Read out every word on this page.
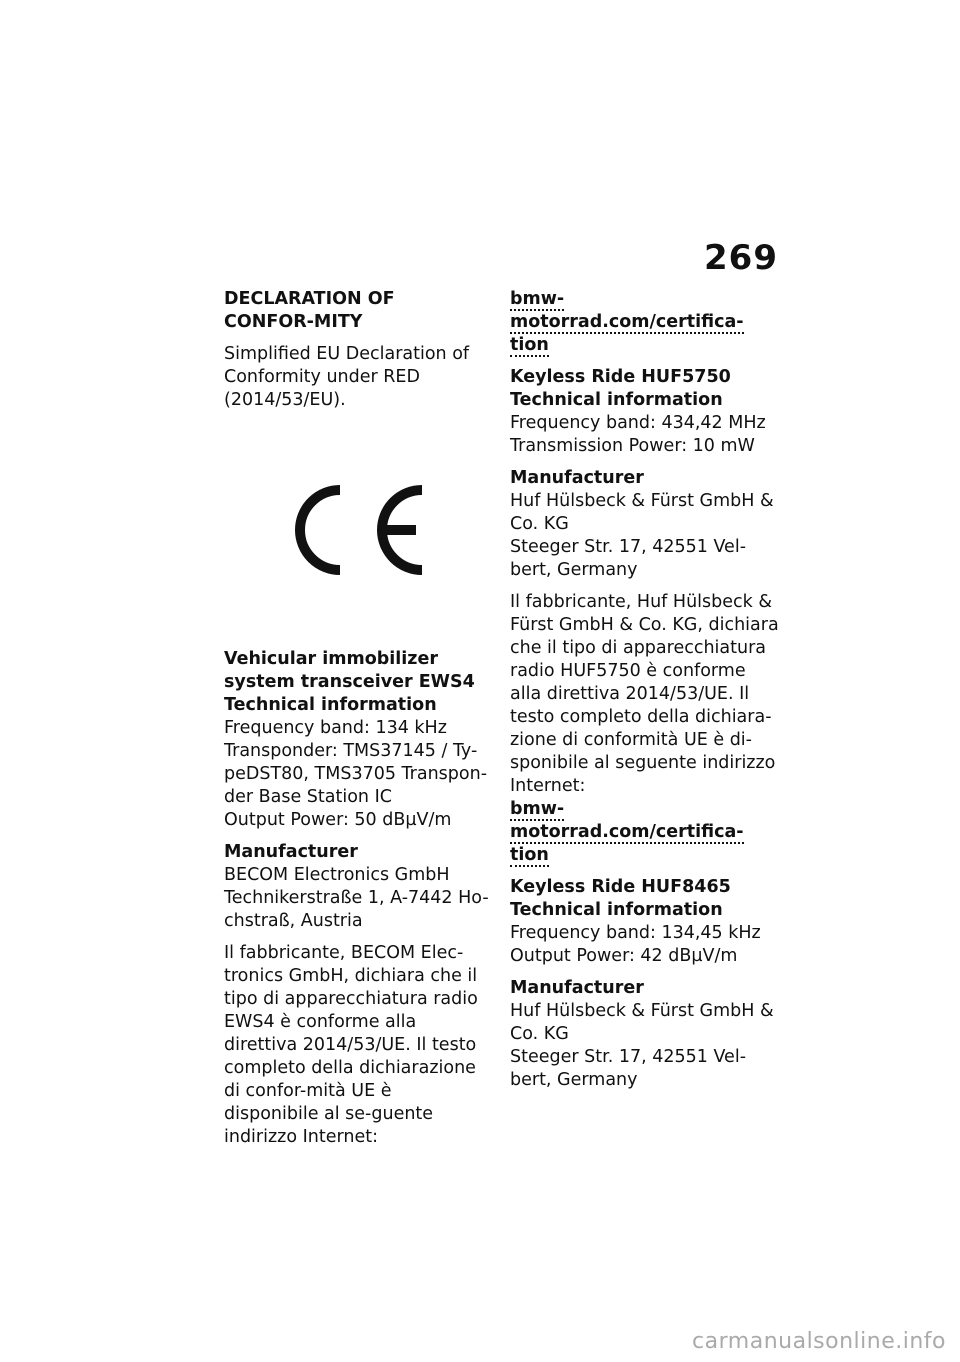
269

DECLARATION OF CONFOR-MITY

Simplified EU Declaration of Conformity under RED (2014/53/EU).

Vehicular immobilizer system transceiver EWS4

Technical information

Frequency band: 134 kHz

Transponder: TMS37145 / Ty-peDST80, TMS3705 Transpon-der Base Station IC

Output Power: 50 dBµV/m

Manufacturer

BECOM Electronics GmbH

Technikerstraße 1, A-7442 Ho-chstraß, Austria

Il fabbricante, BECOM Elec-tronics GmbH, dichiara che il tipo di apparecchiatura radio EWS4 è conforme alla direttiva 2014/53/UE. Il testo completo della dichiarazione di confor-mità UE è disponibile al se-guente indirizzo Internet:

bmw-motorrad.com/certifica-tion

Keyless Ride HUF5750

Technical information

Frequency band: 434,42 MHz

Transmission Power: 10 mW

Manufacturer

Huf Hülsbeck & Fürst GmbH & Co. KG

Steeger Str. 17, 42551 Vel-bert, Germany

Il fabbricante, Huf Hülsbeck & Fürst GmbH & Co. KG, dichiara che il tipo di apparecchiatura radio HUF5750 è conforme alla direttiva 2014/53/UE. Il testo completo della dichiara-zione di conformità UE è di-sponibile al seguente indirizzo Internet:

bmw-motorrad.com/certifica-tion

Keyless Ride HUF8465

Technical information

Frequency band: 134,45 kHz

Output Power: 42 dBµV/m

Manufacturer

Huf Hülsbeck & Fürst GmbH & Co. KG

Steeger Str. 17, 42551 Vel-bert, Germany

carmanualsonline.info
